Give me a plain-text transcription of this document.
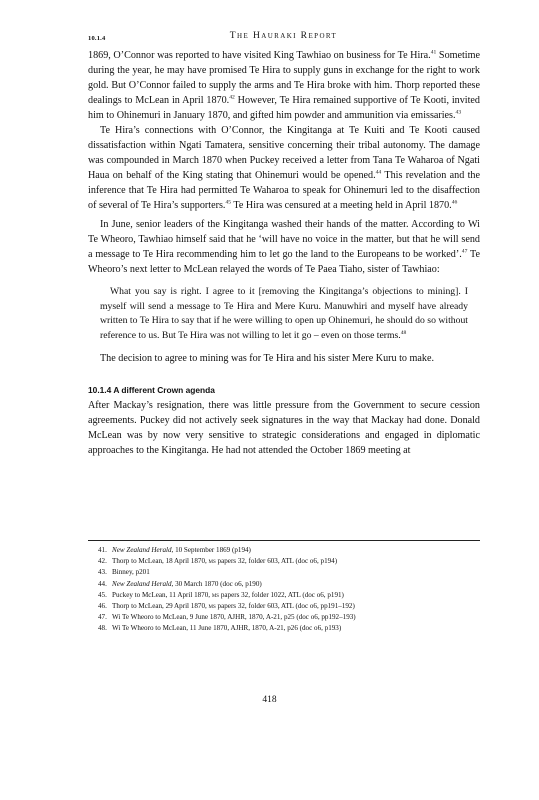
10.1.4	The Hauraki Report

1869, O’Connor was reported to have visited King Tawhiao on business for Te Hira.$^{41}$ Sometime during the year, he may have promised Te Hira to supply guns in exchange for the right to work gold. But O’Connor failed to supply the arms and Te Hira broke with him. Thorp reported these dealings to McLean in April 1870.42 However, Te Hira remained supportive of Te Kooti, invited him to Ohinemuri in January 1870, and gifted him powder and ammunition via emissaries.$^{43}$

Te Hira’s connections with O’Connor, the Kingitanga at Te Kuiti and Te Kooti caused dissatisfaction within Ngati Tamatera, sensitive concerning their tribal autonomy. The damage was compounded in March 1870 when Puckey received a letter from Tana Te Waharoa of Ngati Haua on behalf of the King stating that Ohinemuri would be opened.$^{44}$ This revelation and the inference that Te Hira had permitted Te Waharoa to speak for Ohinemuri led to the disaffection of several of Te Hira’s supporters.$^{45}$ Te Hira was censured at a meeting held in April 1870.46

In June, senior leaders of the Kingitanga washed their hands of the matter. According to Wi Te Wheoro, Tawhiao himself said that he ‘will have no voice in the matter, but that he will send a message to Te Hira recommending him to let go the land to the Europeans to be worked’.$^{47}$ Te Wheoro’s next letter to McLean relayed the words of Te Paea Tiaho, sister of Tawhiao:

What you say is right. I agree to it [removing the Kingitanga’s objections to mining]. I myself will send a message to Te Hira and Mere Kuru. Manuwhiri and myself have already written to Te Hira to say that if he were willing to open up Ohinemuri, he should do so without reference to us. But Te Hira was not willing to let it go – even on those terms.$^{48}$

The decision to agree to mining was for Te Hira and his sister Mere Kuru to make.

10.1.4 A different Crown agenda

After Mackay’s resignation, there was little pressure from the Government to secure cession agreements. Puckey did not actively seek signatures in the way that Mackay had done. Donald McLean was by now very sensitive to strategic considerations and engaged in diplomatic approaches to the Kingitanga. He had not attended the October 1869 meeting at

41. New Zealand Herald, 10 September 1869 (p194)
42. Thorp to McLean, 18 April 1870, ms papers 32, folder 603, ATL (doc o6, p194)
43. Binney, p201
44. New Zealand Herald, 30 March 1870 (doc o6, p190)
45. Puckey to McLean, 11 April 1870, ms papers 32, folder 1022, ATL (doc o6, p191)
46. Thorp to McLean, 29 April 1870, ms papers 32, folder 603, ATL (doc o6, pp191–192)
47. Wi Te Wheoro to McLean, 9 June 1870, AJHR, 1870, A-21, p25 (doc o6, pp192–193)
48. Wi Te Wheoro to McLean, 11 June 1870, AJHR, 1870, A-21, p26 (doc o6, p193)
418
